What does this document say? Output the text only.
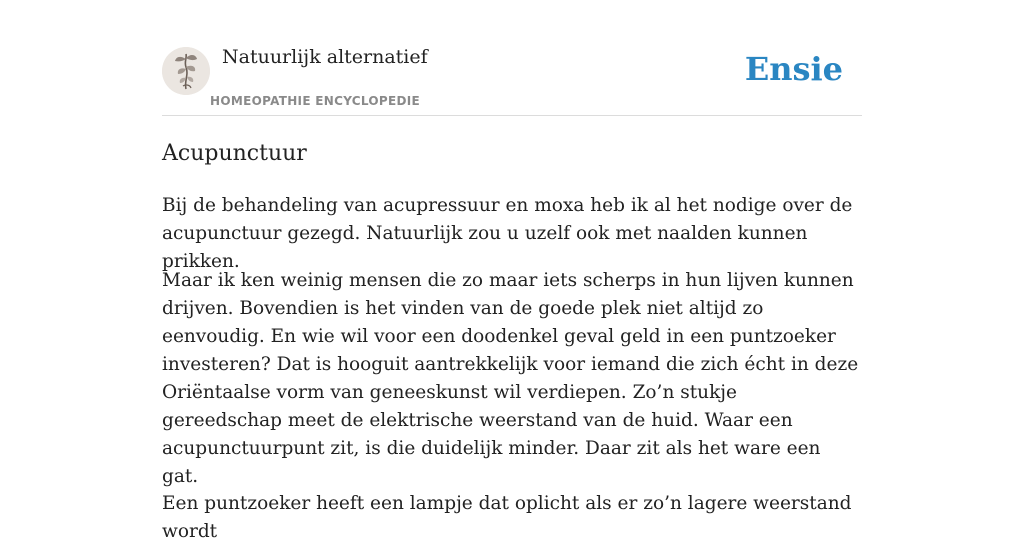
Natuurlijk alternatief
HOMEOPATHIE ENCYCLOPEDIE
Ensie
Acupunctuur

Bij de behandeling van acupressuur en moxa heb ik al het nodige over de acupunctuur gezegd. Natuurlijk zou u uzelf ook met naalden kunnen prikken.

Maar ik ken weinig mensen die zo maar iets scherps in hun lijven kunnen drijven. Bovendien is het vinden van de goede plek niet altijd zo eenvoudig. En wie wil voor een doodenkel geval geld in een puntzoeker investeren? Dat is hooguit aantrekkelijk voor iemand die zich écht in deze Oriëntaalse vorm van geneeskunst wil verdiepen. Zo’n stukje gereedschap meet de elektrische weerstand van de huid. Waar een acupunctuurpunt zit, is die duidelijk minder. Daar zit als het ware een gat.

Een puntzoeker heeft een lampje dat oplicht als er zo’n lagere weerstand wordt
